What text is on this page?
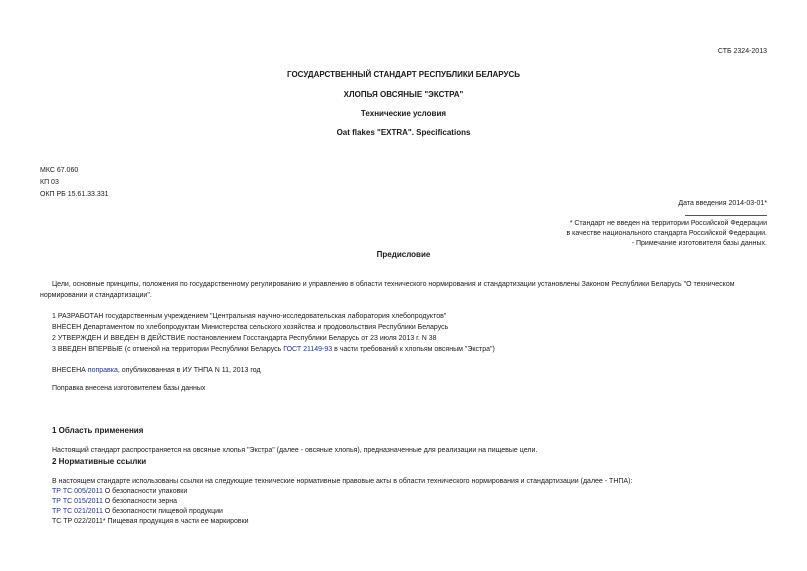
СТБ 2324-2013
ГОСУДАРСТВЕННЫЙ СТАНДАРТ РЕСПУБЛИКИ БЕЛАРУСЬ
ХЛОПЬЯ ОВСЯНЫЕ "ЭКСТРА"
Технические условия
Oat flakes "EXTRA". Specifications
МКС 67.060
КП 03
ОКП РБ 15.61.33.331
Дата введения 2014-03-01*
* Стандарт не введен на территории Российской Федерации
в качестве национального стандарта Российской Федерации.
- Примечание изготовителя базы данных.
Предисловие
Цели, основные принципы, положения по государственному регулированию и управлению в области технического нормирования и стандартизации установлены Законом Республики Беларусь "О техническом
нормировании и стандартизации".
1 РАЗРАБОТАН государственным учреждением "Центральная научно-исследовательская лаборатория хлебопродуктов"
ВНЕСЕН Департаментом по хлебопродуктам Министерства сельского хозяйства и продовольствия Республики Беларусь
2 УТВЕРЖДЕН И ВВЕДЕН В ДЕЙСТВИЕ постановлением Госстандарта Республики Беларусь от 23 июля 2013 г. N 38
3 ВВЕДЕН ВПЕРВЫЕ (с отменой на территории Республики Беларусь ГОСТ 21149-93 в части требований к хлопьям овсяным "Экстра")
ВНЕСЕНА поправка, опубликованная в ИУ ТНПА N 11, 2013 год
Поправка внесена изготовителем базы данных
1 Область применения
Настоящий стандарт распространяется на овсяные хлопья "Экстра" (далее - овсяные хлопья), предназначенные для реализации на пищевые цели.
2 Нормативные ссылки
В настоящем стандарте использованы ссылки на следующие технические нормативные правовые акты в области технического нормирования и стандартизации (далее - ТНПА):
ТР ТС 005/2011 О безопасности упаковки
ТР ТС 015/2011 О безопасности зерна
ТР ТС 021/2011 О безопасности пищевой продукции
ТС ТР 022/2011* Пищевая продукция в части ее маркировки
